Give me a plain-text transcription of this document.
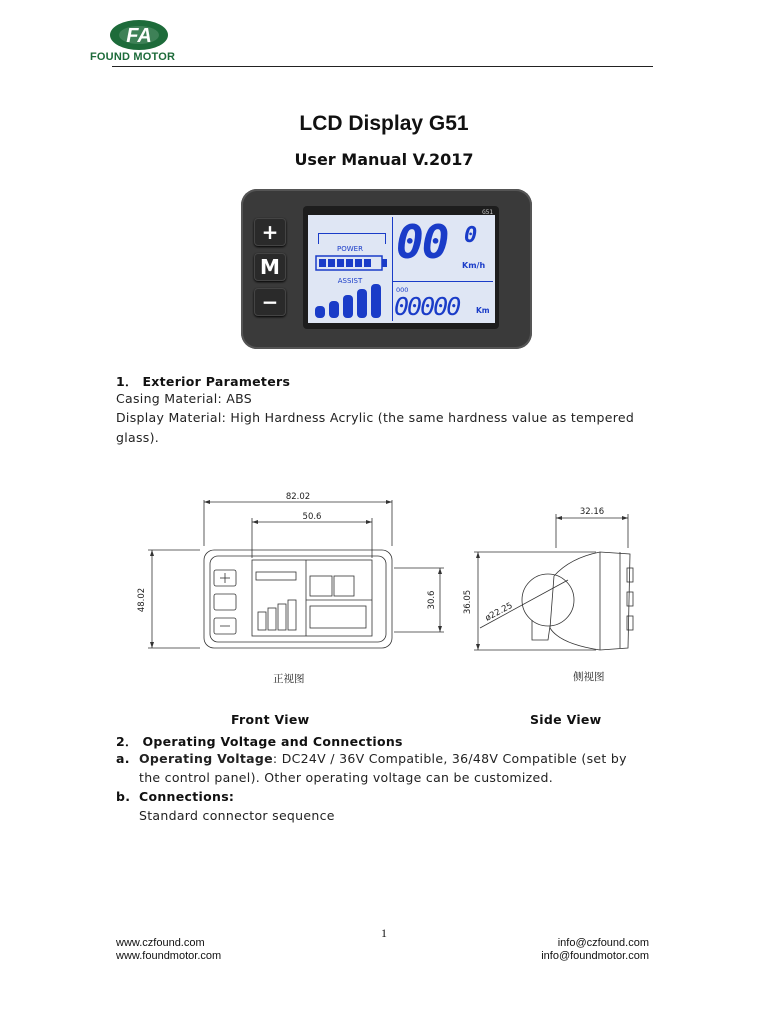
FA
FOUND MOTOR
LCD Display G51
User Manual V.2017
+
M
−
G51
POWER
ASSIST
00 0
Km/h
000
00000 Km
1． Exterior Parameters
Casing Material: ABS
Display Material: High Hardness Acrylic (the same hardness value as tempered
glass).
82.02
50.6
48.02	30.6
32.16
36.05 ø22.25
正视图	侧视图
Front View	Side View
2． Operating Voltage and Connections
a. Operating Voltage: DC24V / 36V Compatible, 36/48V Compatible (set by
the control panel). Other operating voltage can be customized.
b. Connections:
Standard connector sequence
1
www.czfound.com
www.foundmotor.com
info@czfound.com
info@foundmotor.com
